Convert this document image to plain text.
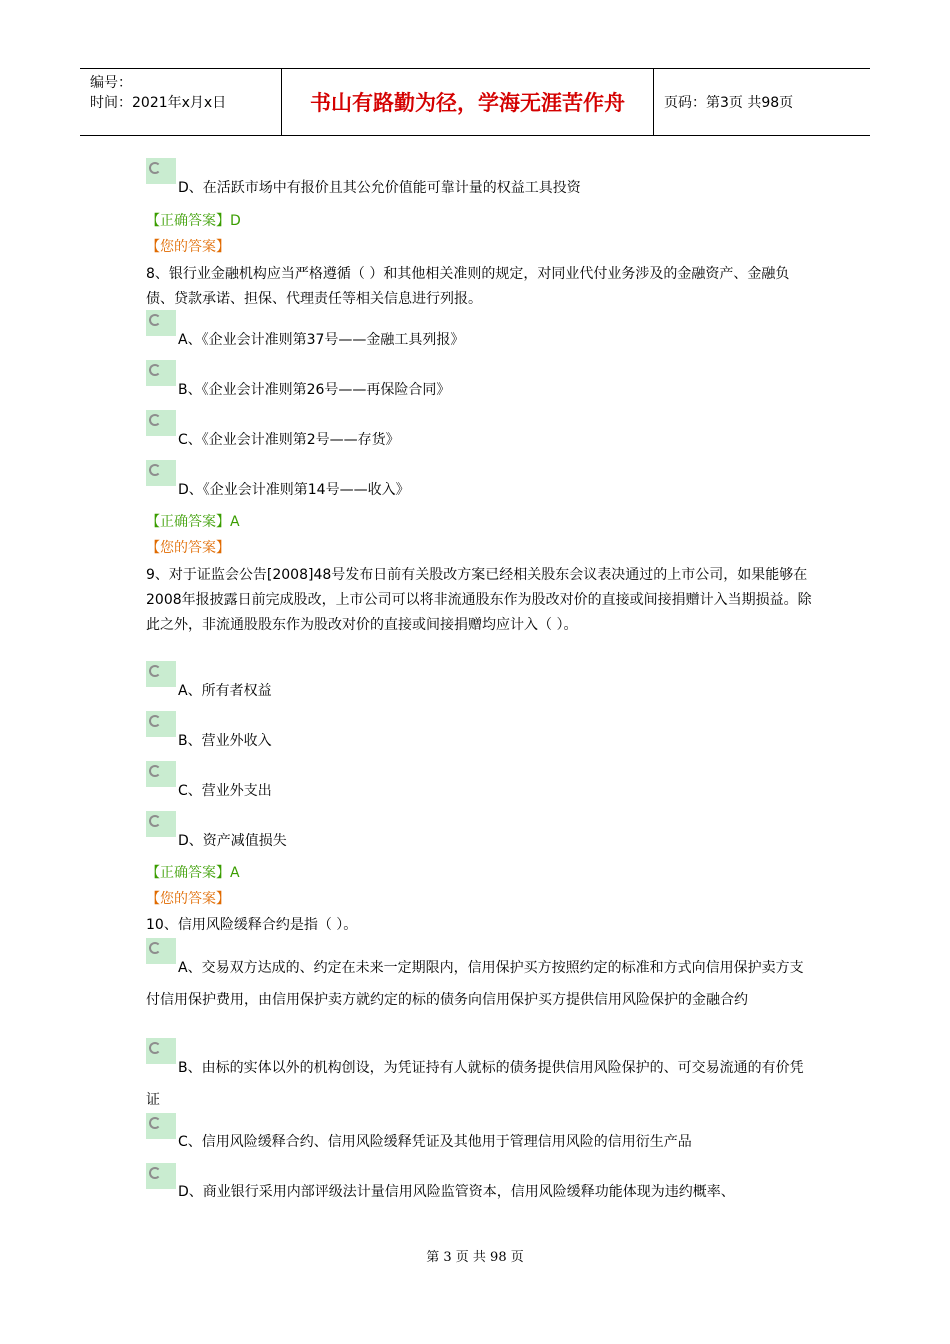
编号：
时间：2021年x月x日	书山有路勤为径，学海无涯苦作舟	页码：第3页 共98页
D、在活跃市场中有报价且其公允价值能可靠计量的权益工具投资
【正确答案】D
【您的答案】
8、银行业金融机构应当严格遵循（ ）和其他相关准则的规定，对同业代付业务涉及的金融资产、金融负债、贷款承诺、担保、代理责任等相关信息进行列报。
A、《企业会计准则第37号——金融工具列报》
B、《企业会计准则第26号——再保险合同》
C、《企业会计准则第2号——存货》
D、《企业会计准则第14号——收入》
【正确答案】A
【您的答案】
9、对于证监会公告[2008]48号发布日前有关股改方案已经相关股东会议表决通过的上市公司，如果能够在2008年报披露日前完成股改，上市公司可以将非流通股东作为股改对价的直接或间接捐赠计入当期损益。除此之外，非流通股股东作为股改对价的直接或间接捐赠均应计入（ ）。
A、所有者权益
B、营业外收入
C、营业外支出
D、资产减值损失
【正确答案】A
【您的答案】
10、信用风险缓释合约是指（ ）。
A、交易双方达成的、约定在未来一定期限内，信用保护买方按照约定的标准和方式向信用保护卖方支付信用保护费用，由信用保护卖方就约定的标的债务向信用保护买方提供信用风险保护的金融合约
B、由标的实体以外的机构创设，为凭证持有人就标的债务提供信用风险保护的、可交易流通的有价凭证
C、信用风险缓释合约、信用风险缓释凭证及其他用于管理信用风险的信用衍生产品
D、商业银行采用内部评级法计量信用风险监管资本，信用风险缓释功能体现为违约概率、
第 3 页 共 98 页
